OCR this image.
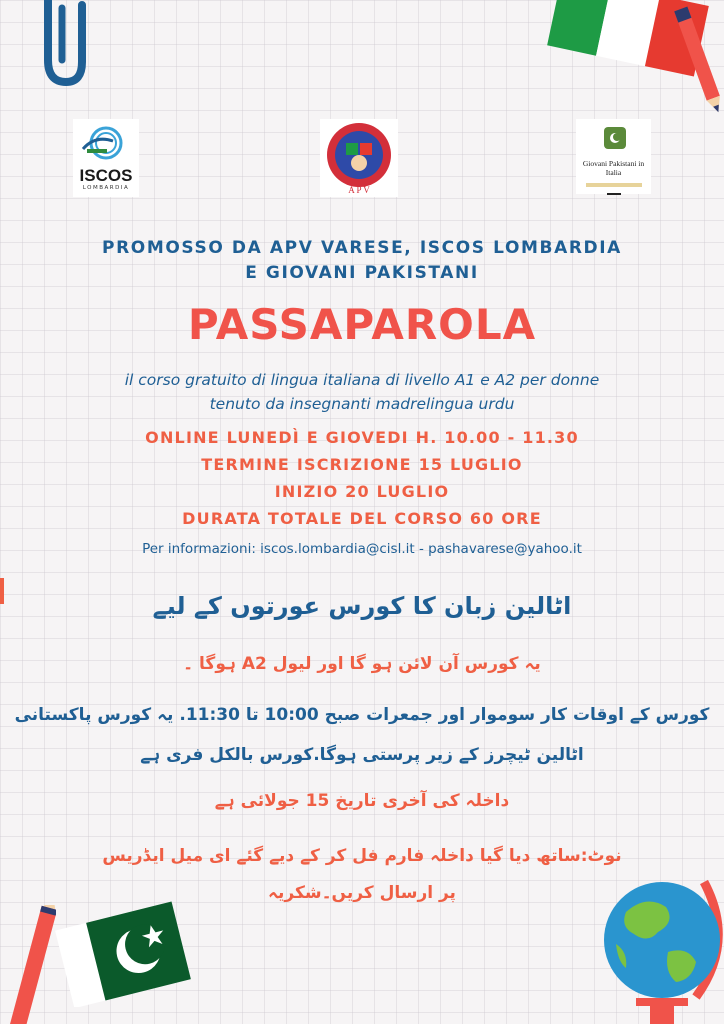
ISCOS
LOMBARDIA	A P V
Giovani Pakistani in Italia
PROMOSSO DA APV VARESE, ISCOS LOMBARDIA
E GIOVANI PAKISTANI
PASSAPAROLA
il corso gratuito di lingua italiana di livello A1 e A2 per donne
tenuto da insegnanti madrelingua urdu
ONLINE LUNEDÌ E GIOVEDI H. 10.00 - 11.30
TERMINE ISCRIZIONE 15 LUGLIO
INIZIO 20 LUGLIO
DURATA TOTALE DEL CORSO 60 ORE
Per informazioni: iscos.lombardia@cisl.it - pashavarese@yahoo.it
اٹالین زبان کا کورس عورتوں کے لیے
یہ کورس آن لائن ہو گا اور لیول A2 ہوگا ۔
کورس کے اوقات کار سوموار اور جمعرات صبح 10:00 تا 11:30. یہ کورس پاکستانی
اٹالین ٹیچرز کے زیر پرستی ہوگا.کورس بالکل فری ہے
داخلہ کی آخری تاریخ 15 جولائی ہے
نوٹ:ساتھ دیا گیا داخلہ فارم فل کر کے دیے گئے ای میل ایڈریس
پر ارسال کریں۔شکریہ
